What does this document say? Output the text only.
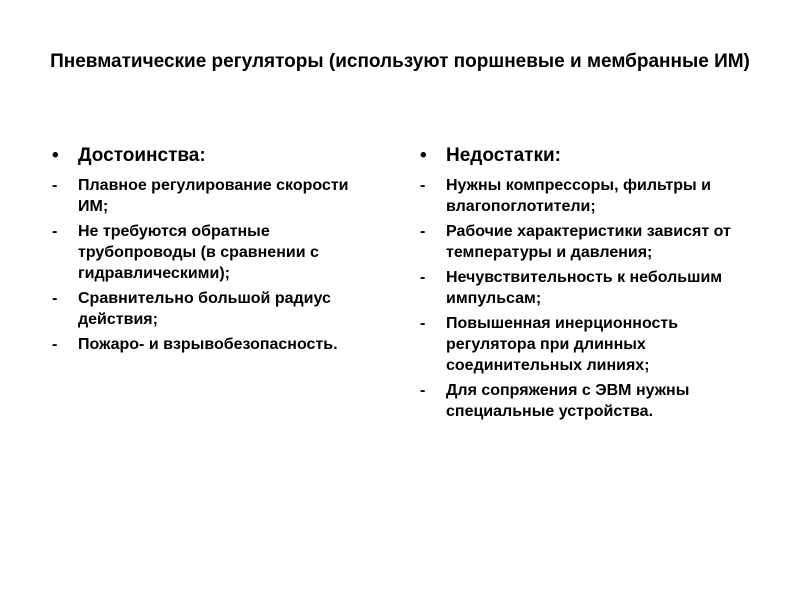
Пневматические регуляторы (используют поршневые и мембранные ИМ)
• Достоинства:
- Плавное регулирование скорости ИМ;
- Не требуются обратные трубопроводы (в сравнении с гидравлическими);
- Сравнительно большой радиус действия;
- Пожаро- и взрывобезопасность.
• Недостатки:
- Нужны компрессоры, фильтры и влагопоглотители;
- Рабочие характеристики зависят от температуры и давления;
- Нечувствительность к небольшим импульсам;
- Повышенная инерционность регулятора при длинных соединительных линиях;
- Для сопряжения с ЭВМ нужны специальные устройства.
